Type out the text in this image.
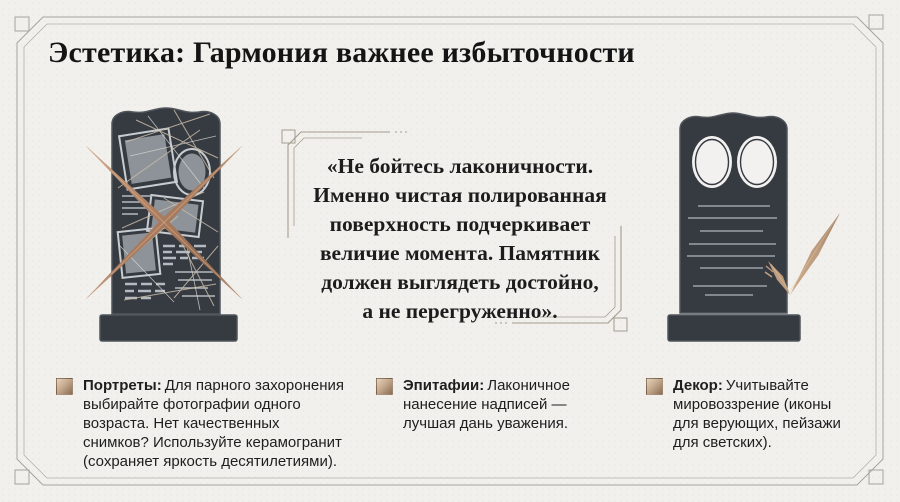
Эстетика: Гармония важнее избыточности
«Не бойтесь лаконичности.
Именно чистая полированная
поверхность подчеркивает
величие момента. Памятник
должен выглядеть достойно,
а не перегруженно».

Портреты: Для парного захоронения выбирайте фотографии одного возраста. Нет качественных снимков? Используйте керамогранит (сохраняет яркость десятилетиями).

Эпитафии: Лаконичное нанесение надписей — лучшая дань уважения.

Декор: Учитывайте мировоззрение (иконы для верующих, пейзажи для светских).
